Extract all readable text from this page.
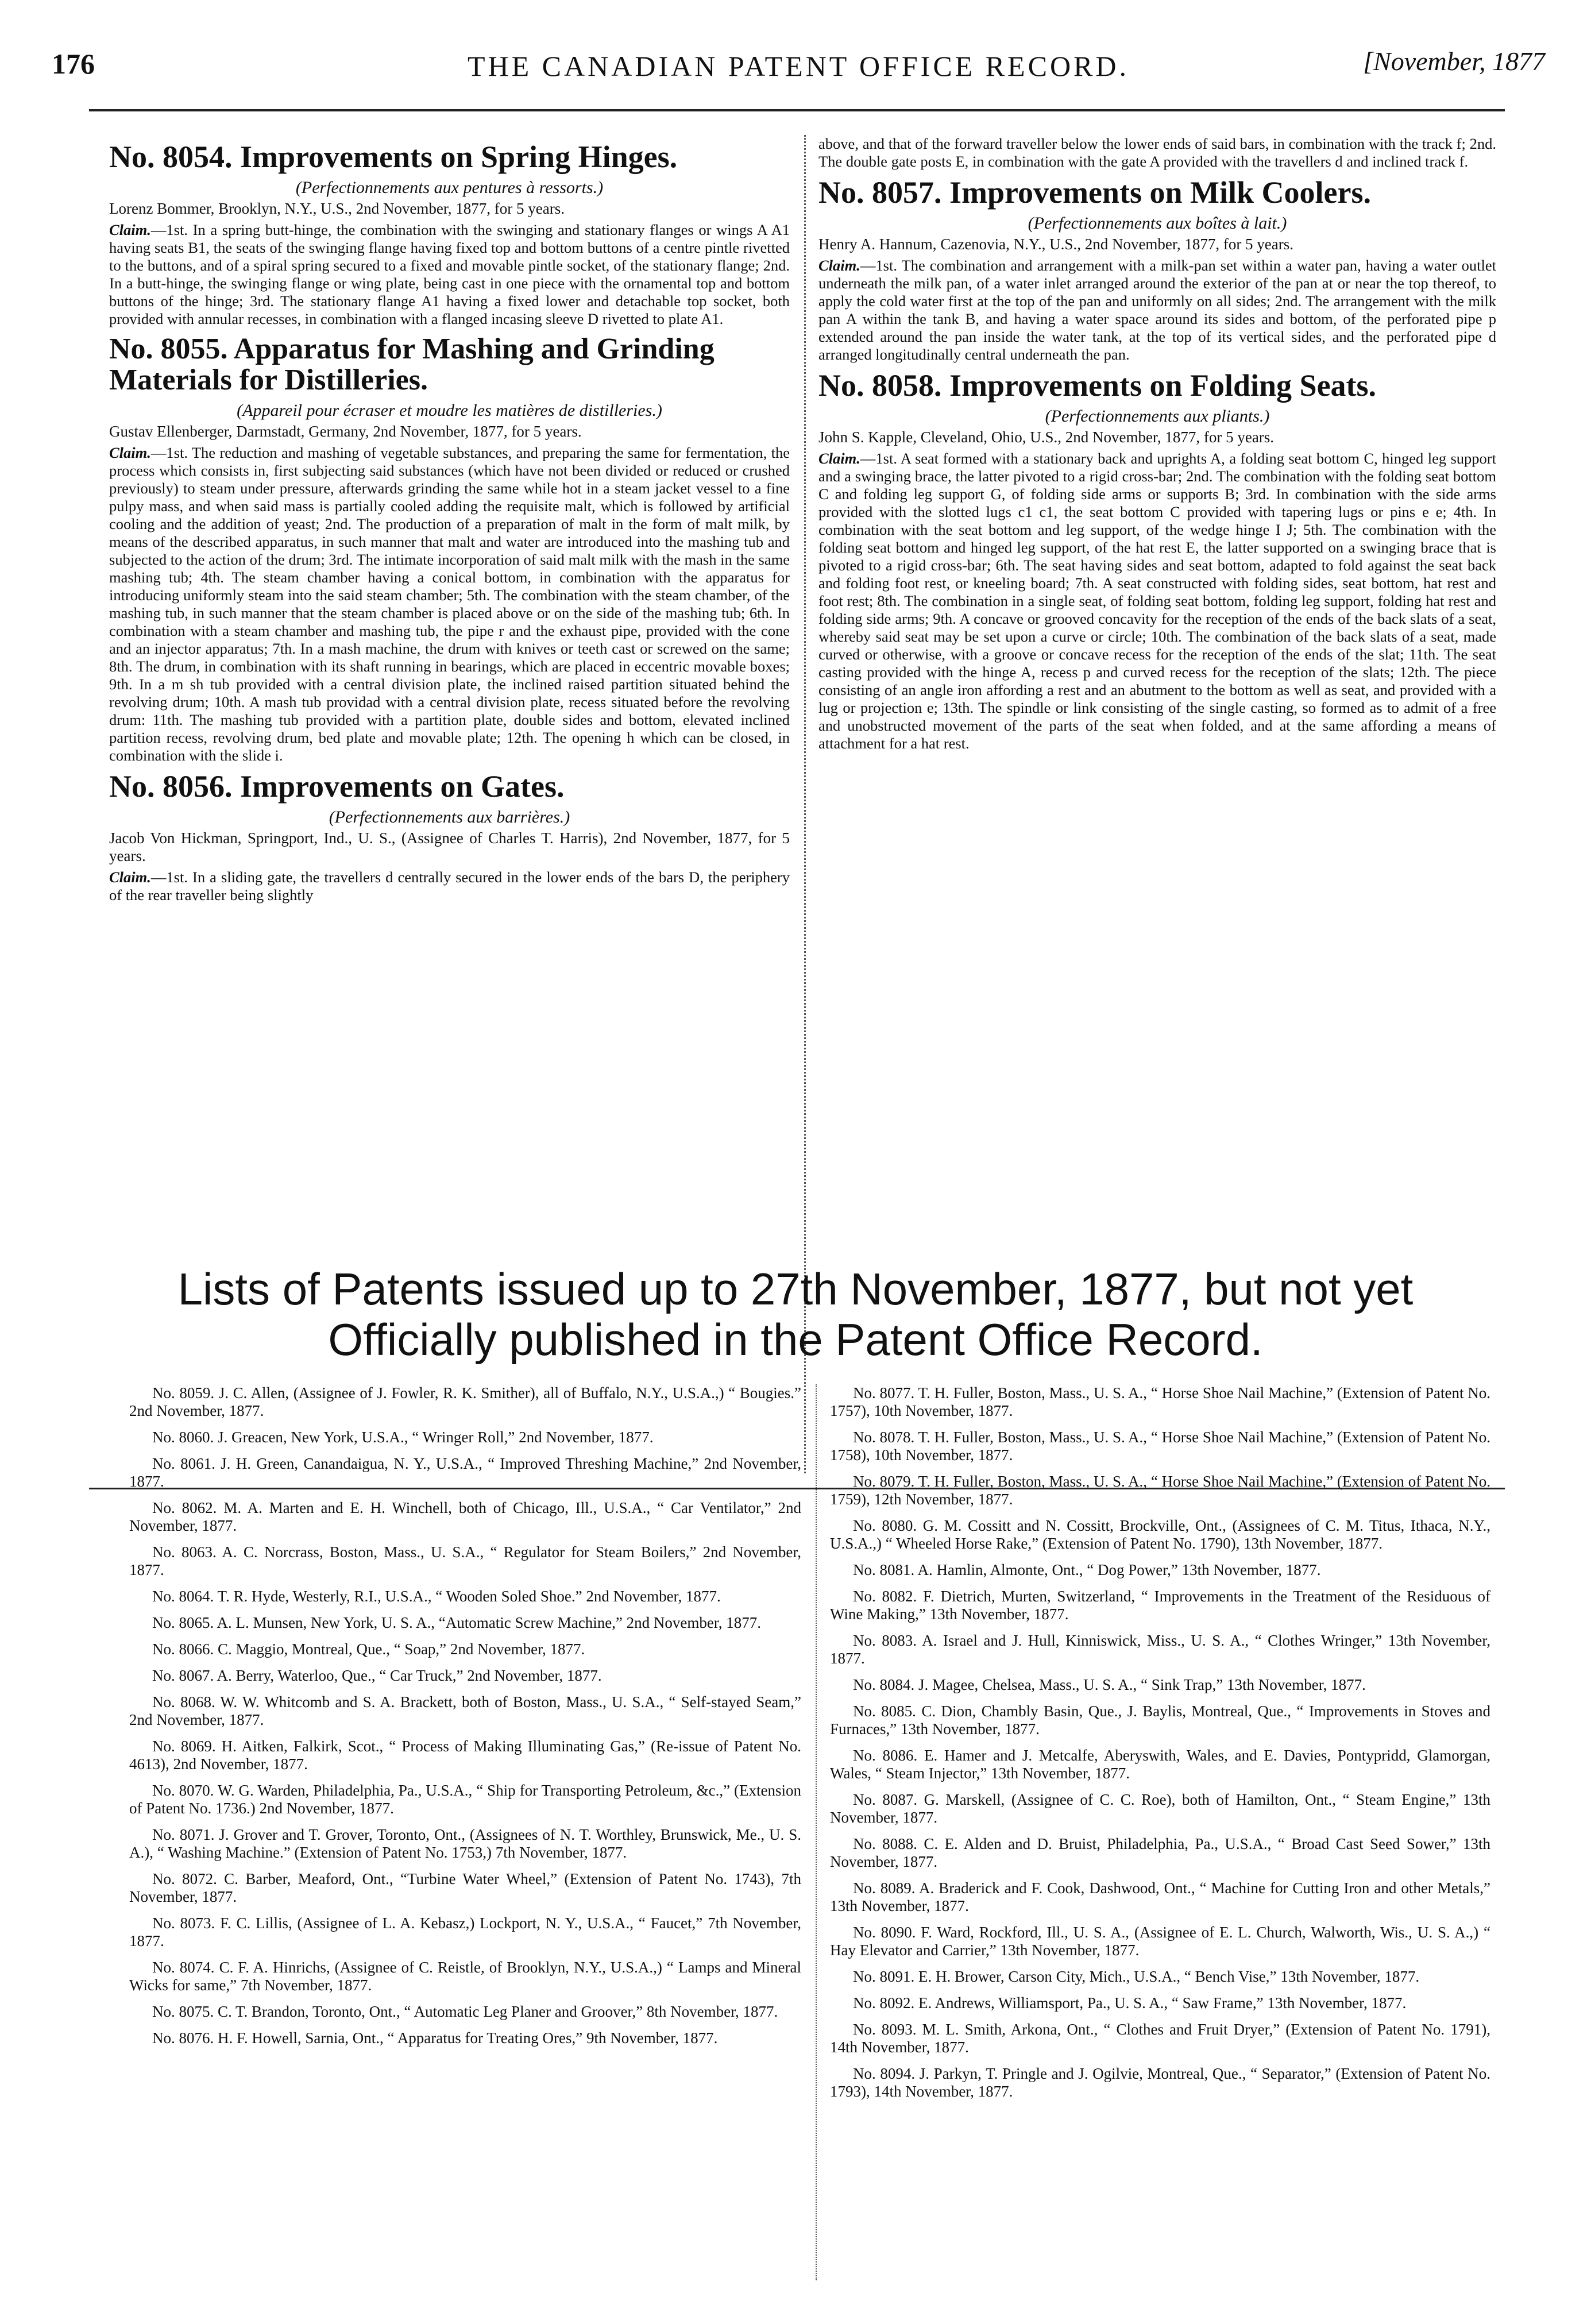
176	THE CANADIAN PATENT OFFICE RECORD.	[November, 1877
No. 8054. Improvements on Spring Hinges.
(Perfectionnements aux pentures à ressorts.)
Lorenz Bommer, Brooklyn, N.Y., U.S., 2nd November, 1877, for 5 years.

Claim.—1st. In a spring butt-hinge, the combination with the swinging and stationary flanges or wings A A1 having seats B1, the seats of the swinging flange having fixed top and bottom buttons of a centre pintle rivetted to the buttons, and of a spiral spring secured to a fixed and movable pintle socket, of the stationary flange; 2nd. In a butt-hinge, the swinging flange or wing plate, being cast in one piece with the ornamental top and bottom buttons of the hinge; 3rd. The stationary flange A1 having a fixed lower and detachable top socket, both provided with annular recesses, in combination with a flanged incasing sleeve D rivetted to plate A1.

No. 8055. Apparatus for Mashing and Grinding Materials for Distilleries.
(Appareil pour écraser et moudre les matières de distilleries.)
Gustav Ellenberger, Darmstadt, Germany, 2nd November, 1877, for 5 years.

Claim.—1st. The reduction and mashing of vegetable substances, and preparing the same for fermentation, the process which consists in, first subjecting said substances (which have not been divided or reduced or crushed previously) to steam under pressure, afterwards grinding the same while hot in a steam jacket vessel to a fine pulpy mass, and when said mass is partially cooled adding the requisite malt, which is followed by artificial cooling and the addition of yeast; 2nd. The production of a preparation of malt in the form of malt milk, by means of the described apparatus, in such manner that malt and water are introduced into the mashing tub and subjected to the action of the drum; 3rd. The intimate incorporation of said malt milk with the mash in the same mashing tub; 4th. The steam chamber having a conical bottom, in combination with the apparatus for introducing uniformly steam into the said steam chamber; 5th. The combination with the steam chamber, of the mashing tub, in such manner that the steam chamber is placed above or on the side of the mashing tub; 6th. In combination with a steam chamber and mashing tub, the pipe r and the exhaust pipe, provided with the cone and an injector apparatus; 7th. In a mash machine, the drum with knives or teeth cast or screwed on the same; 8th. The drum, in combination with its shaft running in bearings, which are placed in eccentric movable boxes; 9th. In a m sh tub provided with a central division plate, the inclined raised partition situated behind the revolving drum; 10th. A mash tub providad with a central division plate, recess situated before the revolving drum: 11th. The mashing tub provided with a partition plate, double sides and bottom, elevated inclined partition recess, revolving drum, bed plate and movable plate; 12th. The opening h which can be closed, in combination with the slide i.

No. 8056. Improvements on Gates.
(Perfectionnements aux barrières.)
Jacob Von Hickman, Springport, Ind., U. S., (Assignee of Charles T. Harris), 2nd November, 1877, for 5 years.

Claim.—1st. In a sliding gate, the travellers d centrally secured in the lower ends of the bars D, the periphery of the rear traveller being slightly

above, and that of the forward traveller below the lower ends of said bars, in combination with the track f; 2nd. The double gate posts E, in combination with the gate A provided with the travellers d and inclined track f.

No. 8057. Improvements on Milk Coolers.
(Perfectionnements aux boîtes à lait.)
Henry A. Hannum, Cazenovia, N.Y., U.S., 2nd November, 1877, for 5 years.

Claim.—1st. The combination and arrangement with a milk-pan set within a water pan, having a water outlet underneath the milk pan, of a water inlet arranged around the exterior of the pan at or near the top thereof, to apply the cold water first at the top of the pan and uniformly on all sides; 2nd. The arrangement with the milk pan A within the tank B, and having a water space around its sides and bottom, of the perforated pipe p extended around the pan inside the water tank, at the top of its vertical sides, and the perforated pipe d arranged longitudinally central underneath the pan.

No. 8058. Improvements on Folding Seats.
(Perfectionnements aux pliants.)
John S. Kapple, Cleveland, Ohio, U.S., 2nd November, 1877, for 5 years.

Claim.—1st. A seat formed with a stationary back and uprights A, a folding seat bottom C, hinged leg support and a swinging brace, the latter pivoted to a rigid cross-bar; 2nd. The combination with the folding seat bottom C and folding leg support G, of folding side arms or supports B; 3rd. In combination with the side arms provided with the slotted lugs c1 c1, the seat bottom C provided with tapering lugs or pins e e; 4th. In combination with the seat bottom and leg support, of the wedge hinge I J; 5th. The combination with the folding seat bottom and hinged leg support, of the hat rest E, the latter supported on a swinging brace that is pivoted to a rigid cross-bar; 6th. The seat having sides and seat bottom, adapted to fold against the seat back and folding foot rest, or kneeling board; 7th. A seat constructed with folding sides, seat bottom, hat rest and foot rest; 8th. The combination in a single seat, of folding seat bottom, folding leg support, folding hat rest and folding side arms; 9th. A concave or grooved concavity for the reception of the ends of the back slats of a seat, whereby said seat may be set upon a curve or circle; 10th. The combination of the back slats of a seat, made curved or otherwise, with a groove or concave recess for the reception of the ends of the slat; 11th. The seat casting provided with the hinge A, recess p and curved recess for the reception of the slats; 12th. The piece consisting of an angle iron affording a rest and an abutment to the bottom as well as seat, and provided with a lug or projection e; 13th. The spindle or link consisting of the single casting, so formed as to admit of a free and unobstructed movement of the parts of the seat when folded, and at the same affording a means of attachment for a hat rest.

Lists of Patents issued up to 27th November, 1877, but not yet Officially published in the Patent Office Record.

No. 8059. J. C. Allen, (Assignee of J. Fowler, R. K. Smither), all of Buffalo, N.Y., U.S.A.,) “ Bougies.” 2nd November, 1877.

No. 8060. J. Greacen, New York, U.S.A., “ Wringer Roll,” 2nd November, 1877.

No. 8061. J. H. Green, Canandaigua, N. Y., U.S.A., “ Improved Threshing Machine,” 2nd November, 1877.

No. 8062. M. A. Marten and E. H. Winchell, both of Chicago, Ill., U.S.A., “ Car Ventilator,” 2nd November, 1877.

No. 8063. A. C. Norcrass, Boston, Mass., U. S.A., “ Regulator for Steam Boilers,” 2nd November, 1877.

No. 8064. T. R. Hyde, Westerly, R.I., U.S.A., “ Wooden Soled Shoe.” 2nd November, 1877.

No. 8065. A. L. Munsen, New York, U. S. A., “Automatic Screw Machine,” 2nd November, 1877.

No. 8066. C. Maggio, Montreal, Que., “ Soap,” 2nd November, 1877.

No. 8067. A. Berry, Waterloo, Que., “ Car Truck,” 2nd November, 1877.

No. 8068. W. W. Whitcomb and S. A. Brackett, both of Boston, Mass., U. S.A., “ Self-stayed Seam,” 2nd November, 1877.

No. 8069. H. Aitken, Falkirk, Scot., “ Process of Making Illuminating Gas,” (Re-issue of Patent No. 4613), 2nd November, 1877.

No. 8070. W. G. Warden, Philadelphia, Pa., U.S.A., “ Ship for Transporting Petroleum, &c.,” (Extension of Patent No. 1736.) 2nd November, 1877.

No. 8071. J. Grover and T. Grover, Toronto, Ont., (Assignees of N. T. Worthley, Brunswick, Me., U. S. A.), “ Washing Machine.” (Extension of Patent No. 1753,) 7th November, 1877.

No. 8072. C. Barber, Meaford, Ont., “Turbine Water Wheel,” (Extension of Patent No. 1743), 7th November, 1877.

No. 8073. F. C. Lillis, (Assignee of L. A. Kebasz,) Lockport, N. Y., U.S.A., “ Faucet,” 7th November, 1877.

No. 8074. C. F. A. Hinrichs, (Assignee of C. Reistle, of Brooklyn, N.Y., U.S.A.,) “ Lamps and Mineral Wicks for same,” 7th November, 1877.

No. 8075. C. T. Brandon, Toronto, Ont., “ Automatic Leg Planer and Groover,” 8th November, 1877.

No. 8076. H. F. Howell, Sarnia, Ont., “ Apparatus for Treating Ores,” 9th November, 1877.

No. 8077. T. H. Fuller, Boston, Mass., U. S. A., “ Horse Shoe Nail Machine,” (Extension of Patent No. 1757), 10th November, 1877.

No. 8078. T. H. Fuller, Boston, Mass., U. S. A., “ Horse Shoe Nail Machine,” (Extension of Patent No. 1758), 10th November, 1877.

No. 8079. T. H. Fuller, Boston, Mass., U. S. A., “ Horse Shoe Nail Machine,” (Extension of Patent No. 1759), 12th November, 1877.

No. 8080. G. M. Cossitt and N. Cossitt, Brockville, Ont., (Assignees of C. M. Titus, Ithaca, N.Y., U.S.A.,) “ Wheeled Horse Rake,” (Extension of Patent No. 1790), 13th November, 1877.

No. 8081. A. Hamlin, Almonte, Ont., “ Dog Power,” 13th November, 1877.

No. 8082. F. Dietrich, Murten, Switzerland, “ Improvements in the Treatment of the Residuous of Wine Making,” 13th November, 1877.

No. 8083. A. Israel and J. Hull, Kinniswick, Miss., U. S. A., “ Clothes Wringer,” 13th November, 1877.

No. 8084. J. Magee, Chelsea, Mass., U. S. A., “ Sink Trap,” 13th November, 1877.

No. 8085. C. Dion, Chambly Basin, Que., J. Baylis, Montreal, Que., “ Improvements in Stoves and Furnaces,” 13th November, 1877.

No. 8086. E. Hamer and J. Metcalfe, Aberyswith, Wales, and E. Davies, Pontypridd, Glamorgan, Wales, “ Steam Injector,” 13th November, 1877.

No. 8087. G. Marskell, (Assignee of C. C. Roe), both of Hamilton, Ont., “ Steam Engine,” 13th November, 1877.

No. 8088. C. E. Alden and D. Bruist, Philadelphia, Pa., U.S.A., “ Broad Cast Seed Sower,” 13th November, 1877.

No. 8089. A. Braderick and F. Cook, Dashwood, Ont., “ Machine for Cutting Iron and other Metals,” 13th November, 1877.

No. 8090. F. Ward, Rockford, Ill., U. S. A., (Assignee of E. L. Church, Walworth, Wis., U. S. A.,) “ Hay Elevator and Carrier,” 13th November, 1877.

No. 8091. E. H. Brower, Carson City, Mich., U.S.A., “ Bench Vise,” 13th November, 1877.

No. 8092. E. Andrews, Williamsport, Pa., U. S. A., “ Saw Frame,” 13th November, 1877.

No. 8093. M. L. Smith, Arkona, Ont., “ Clothes and Fruit Dryer,” (Extension of Patent No. 1791), 14th November, 1877.

No. 8094. J. Parkyn, T. Pringle and J. Ogilvie, Montreal, Que., “ Separator,” (Extension of Patent No. 1793), 14th November, 1877.
